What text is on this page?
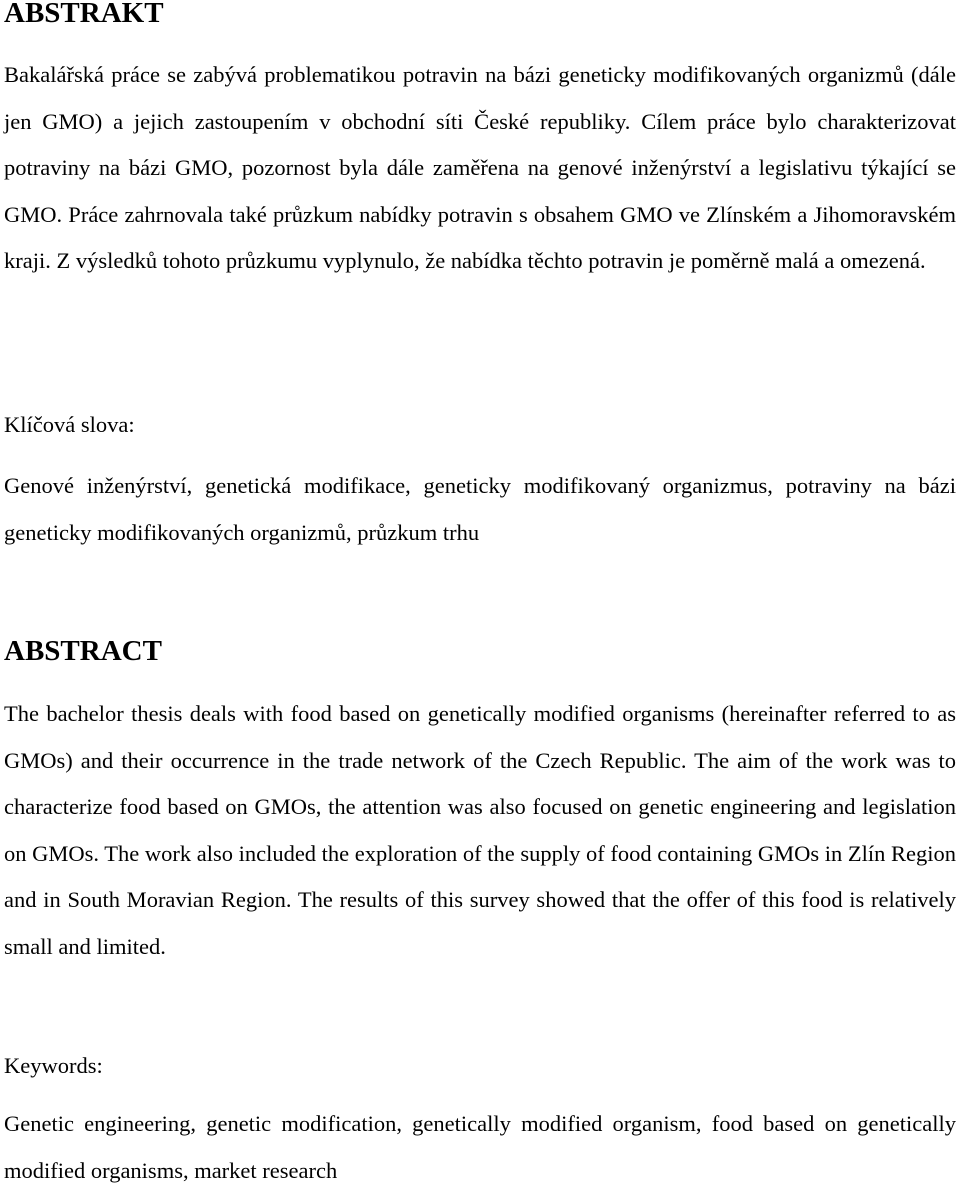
ABSTRAKT

Bakalářská práce se zabývá problematikou potravin na bázi geneticky modifikovaných organizmů (dále jen GMO) a jejich zastoupením v obchodní síti České republiky. Cílem práce bylo charakterizovat potraviny na bázi GMO, pozornost byla dále zaměřena na genové inženýrství a legislativu týkající se GMO. Práce zahrnovala také průzkum nabídky potravin s obsahem GMO ve Zlínském a Jihomoravském kraji. Z výsledků tohoto průzkumu vyplynulo, že nabídka těchto potravin je poměrně malá a omezená.

Klíčová slova:

Genové inženýrství, genetická modifikace, geneticky modifikovaný organizmus, potraviny na bázi geneticky modifikovaných organizmů, průzkum trhu

ABSTRACT

The bachelor thesis deals with food based on genetically modified organisms (hereinafter referred to as GMOs) and their occurrence in the trade network of the Czech Republic. The aim of the work was to characterize food based on GMOs, the attention was also focused on genetic engineering and legislation on GMOs. The work also included the exploration of the supply of food containing GMOs in Zlín Region and in South Moravian Region. The results of this survey showed that the offer of this food is relatively small and limited.

Keywords:

Genetic engineering, genetic modification, genetically modified organism, food based on genetically modified organisms, market research
